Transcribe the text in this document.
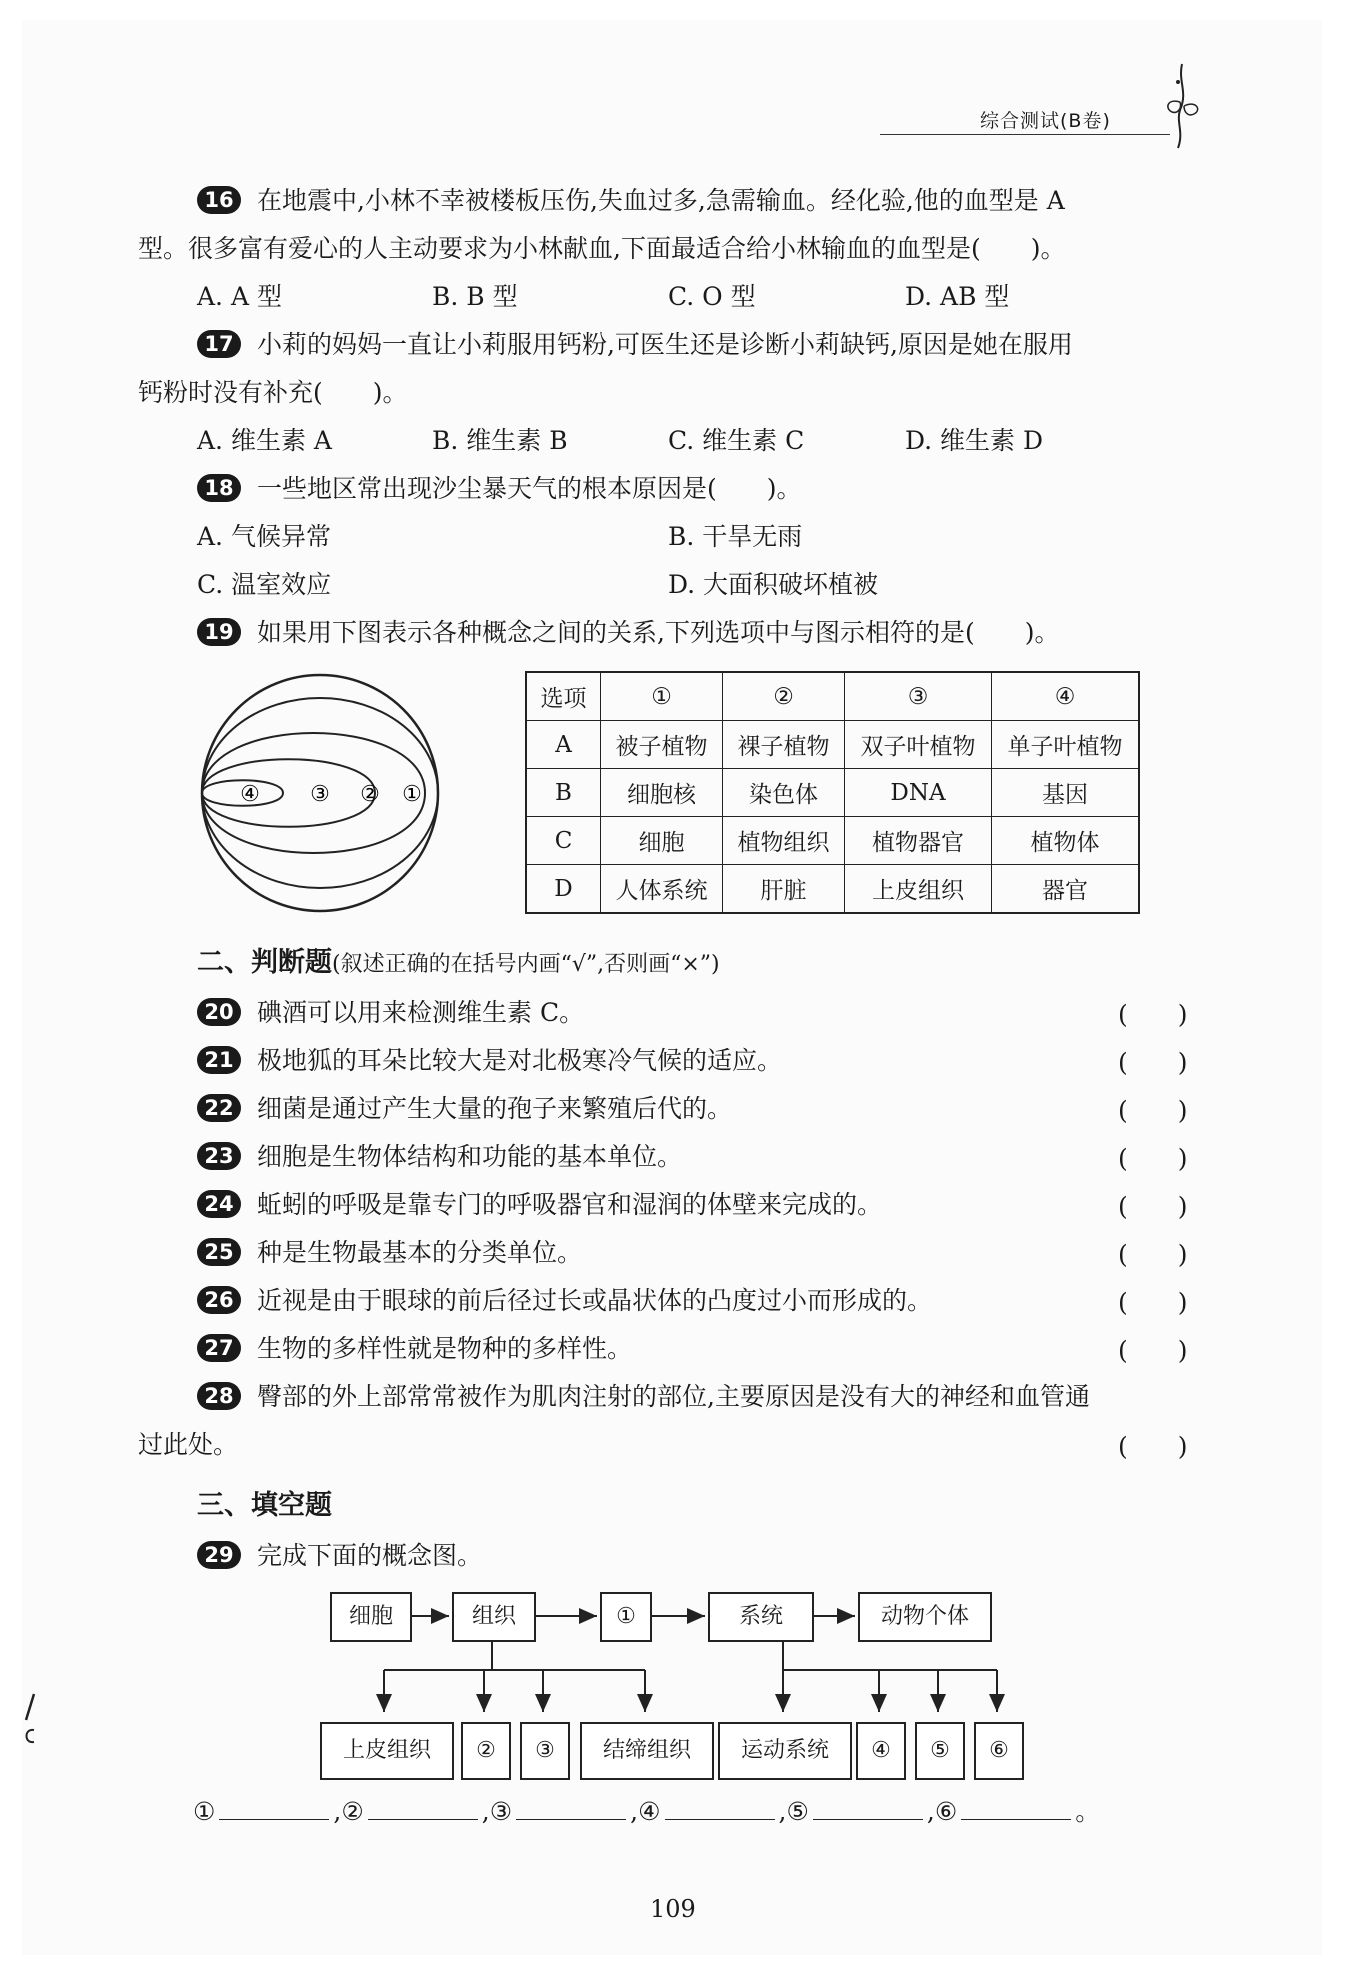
综合测试(B卷)
16 在地震中,小林不幸被楼板压伤,失血过多,急需输血。经化验,他的血型是 A
型。很多富有爱心的人主动要求为小林献血,下面最适合给小林输血的血型是(　　)。
A. A 型	B. B 型	C. O 型	D. AB 型
17 小莉的妈妈一直让小莉服用钙粉,可医生还是诊断小莉缺钙,原因是她在服用
钙粉时没有补充(　　)。
A. 维生素 A	B. 维生素 B	C. 维生素 C	D. 维生素 D
18 一些地区常出现沙尘暴天气的根本原因是(　　)。
A. 气候异常	B. 干旱无雨
C. 温室效应	D. 大面积破坏植被
19 如果用下图表示各种概念之间的关系,下列选项中与图示相符的是(　　)。
④ ③ ② ①
选项	①	②	③	④
A	被子植物	裸子植物	双子叶植物	单子叶植物
B	细胞核	染色体	DNA	基因
C	细胞	植物组织	植物器官	植物体
D	人体系统	肝脏	上皮组织	器官
二、判断题(叙述正确的在括号内画“√”,否则画“×”)
20 碘酒可以用来检测维生素 C。	(　　)
21 极地狐的耳朵比较大是对北极寒冷气候的适应。	(　　)
22 细菌是通过产生大量的孢子来繁殖后代的。	(　　)
23 细胞是生物体结构和功能的基本单位。	(　　)
24 蚯蚓的呼吸是靠专门的呼吸器官和湿润的体壁来完成的。	(　　)
25 种是生物最基本的分类单位。	(　　)
26 近视是由于眼球的前后径过长或晶状体的凸度过小而形成的。	(　　)
27 生物的多样性就是物种的多样性。	(　　)
28 臀部的外上部常常被作为肌肉注射的部位,主要原因是没有大的神经和血管通
过此处。	(　　)
三、填空题
29 完成下面的概念图。
细胞	组织	①	系统	动物个体
上皮组织	②	③	结缔组织	运动系统	④	⑤	⑥
①	,②	,③	,④	,⑤	,⑥	。
109
